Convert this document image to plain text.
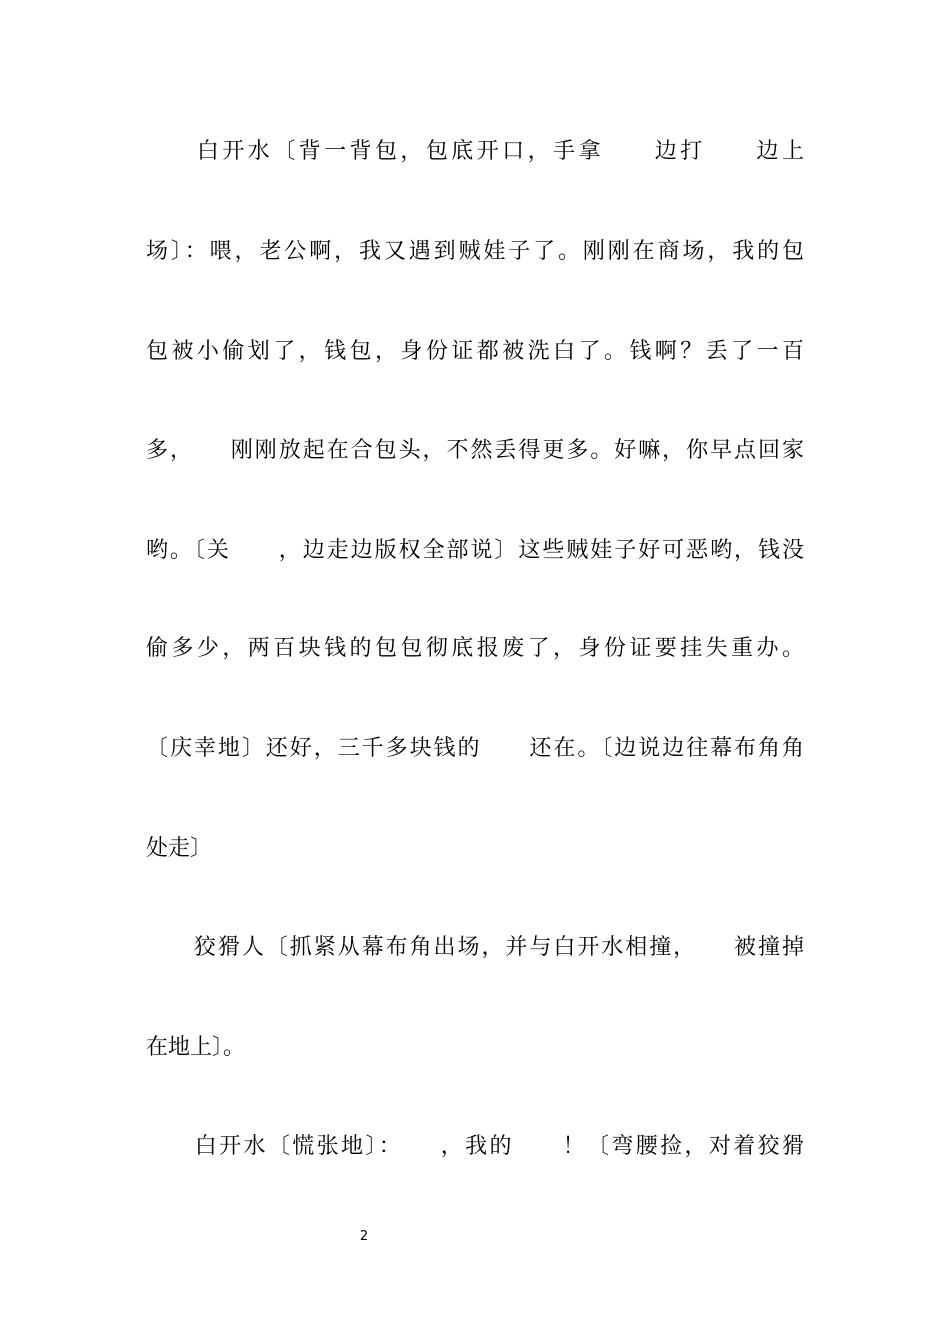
　　白开水〔背一背包，包底开口，手拿　　边打　　边上
场〕：喂，老公啊，我又遇到贼娃子了。刚刚在商场，我的包
包被小偷划了，钱包，身份证都被洗白了。钱啊？丢了一百
多，　　刚刚放起在合包头，不然丢得更多。好嘛，你早点回家
哟。〔关　　，边走边版权全部说〕这些贼娃子好可恶哟，钱没
偷多少，两百块钱的包包彻底报废了，身份证要挂失重办。
〔庆幸地〕还好，三千多块钱的　　还在。〔边说边往幕布角角
处走〕
　　狡猾人〔抓紧从幕布角出场，并与白开水相撞，　　被撞掉
在地上〕。
　　白开水〔慌张地〕：　　，我的　　！〔弯腰捡，对着狡猾
2
